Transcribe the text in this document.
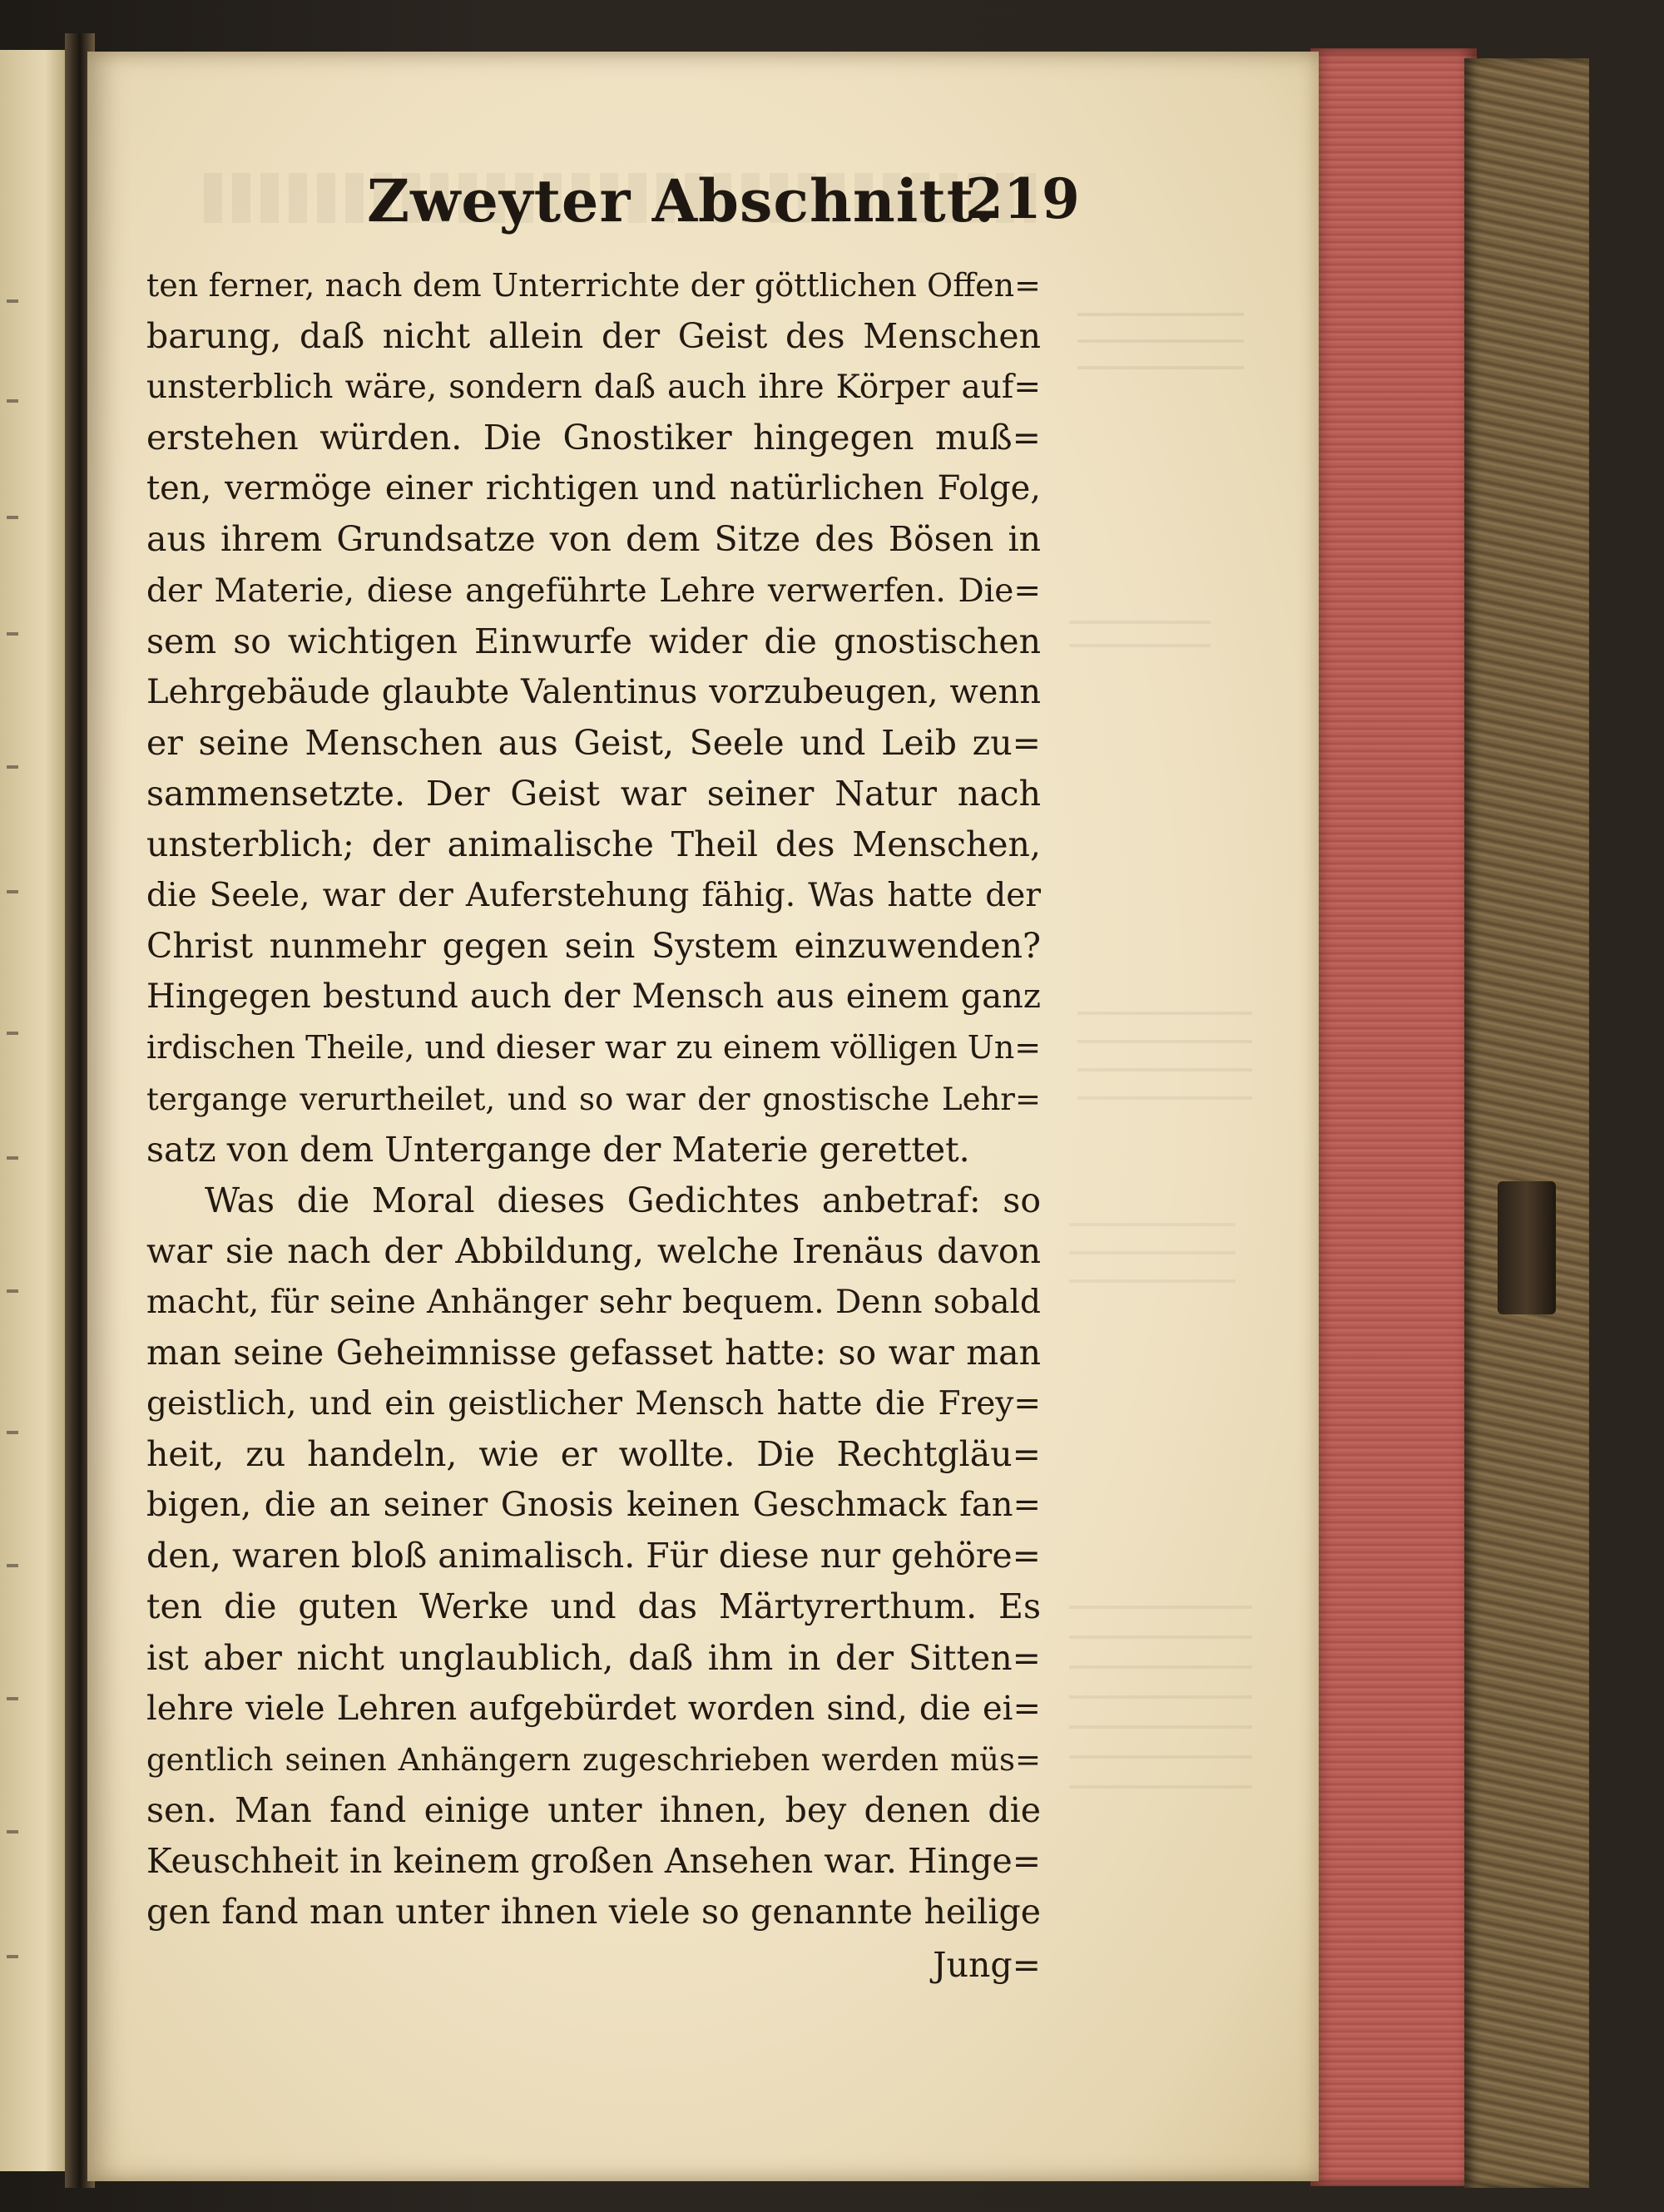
Zweyter Abschnitt.
219
ten ferner, nach dem Unterrichte der göttlichen Offen=
barung, daß nicht allein der Geist des Menschen
unsterblich wäre, sondern daß auch ihre Körper auf=
erstehen würden. Die Gnostiker hingegen muß=
ten, vermöge einer richtigen und natürlichen Folge,
aus ihrem Grundsatze von dem Sitze des Bösen in
der Materie, diese angeführte Lehre verwerfen. Die=
sem so wichtigen Einwurfe wider die gnostischen
Lehrgebäude glaubte Valentinus vorzubeugen, wenn
er seine Menschen aus Geist, Seele und Leib zu=
sammensetzte. Der Geist war seiner Natur nach
unsterblich; der animalische Theil des Menschen,
die Seele, war der Auferstehung fähig. Was hatte der
Christ nunmehr gegen sein System einzuwenden?
Hingegen bestund auch der Mensch aus einem ganz
irdischen Theile, und dieser war zu einem völligen Un=
tergange verurtheilet, und so war der gnostische Lehr=
satz von dem Untergange der Materie gerettet.
Was die Moral dieses Gedichtes anbetraf: so
war sie nach der Abbildung, welche Irenäus davon
macht, für seine Anhänger sehr bequem. Denn sobald
man seine Geheimnisse gefasset hatte: so war man
geistlich, und ein geistlicher Mensch hatte die Frey=
heit, zu handeln, wie er wollte. Die Rechtgläu=
bigen, die an seiner Gnosis keinen Geschmack fan=
den, waren bloß animalisch. Für diese nur gehöre=
ten die guten Werke und das Märtyrerthum. Es
ist aber nicht unglaublich, daß ihm in der Sitten=
lehre viele Lehren aufgebürdet worden sind, die ei=
gentlich seinen Anhängern zugeschrieben werden müs=
sen. Man fand einige unter ihnen, bey denen die
Keuschheit in keinem großen Ansehen war. Hinge=
gen fand man unter ihnen viele so genannte heilige
Jung=
